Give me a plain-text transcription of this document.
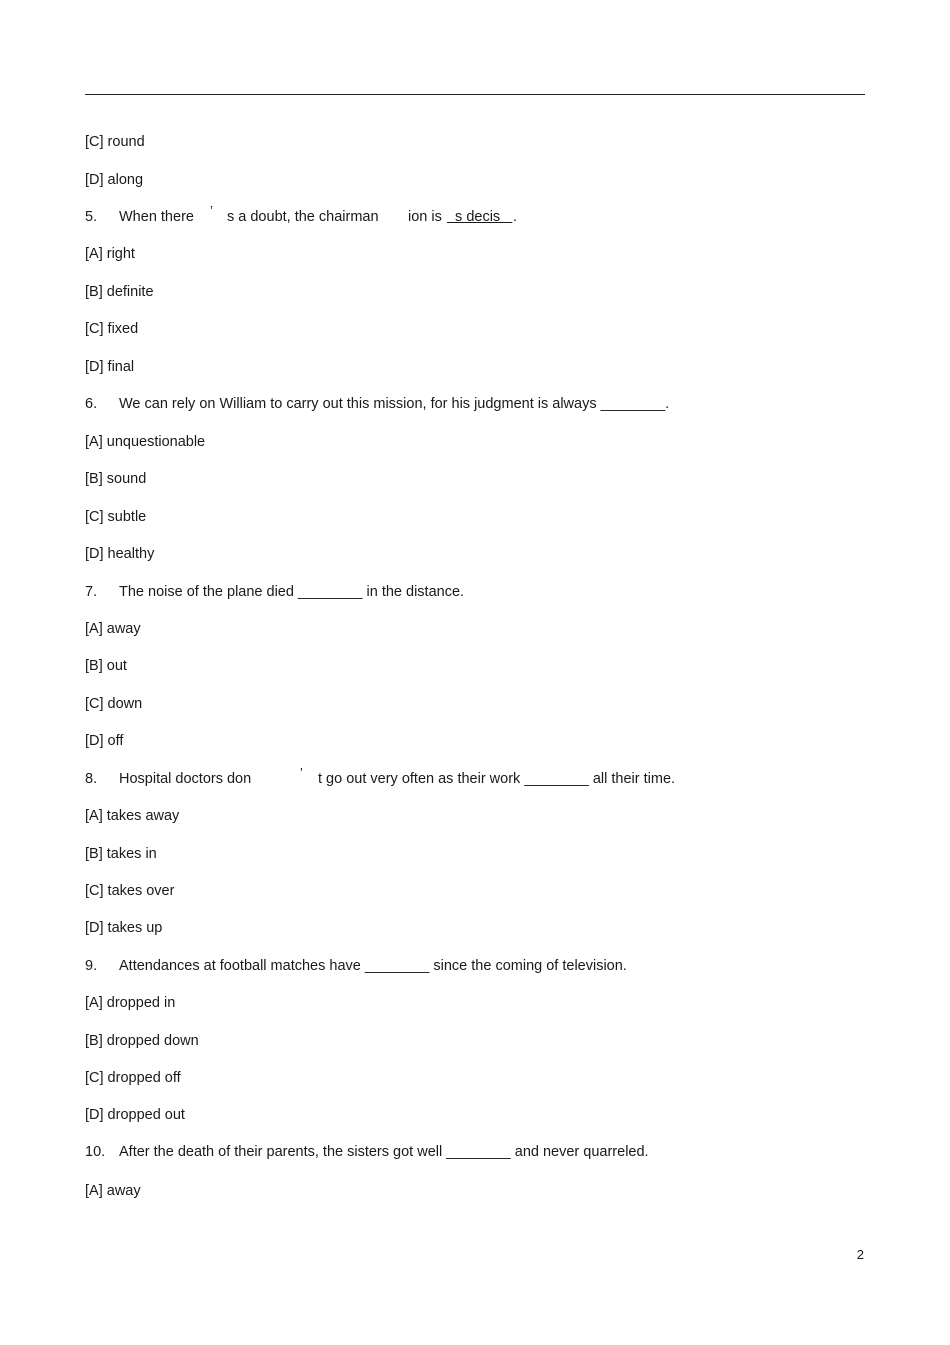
[C] round
[D] along
5. When there ’ s a doubt, the chairman ion is s decis .
[A] right
[B] definite
[C] fixed
[D] final
6. We can rely on William to carry out this mission, for his judgment is always ________.
[A] unquestionable
[B] sound
[C] subtle
[D] healthy
7. The noise of the plane died ________ in the distance.
[A] away
[B] out
[C] down
[D] off
8. Hospital doctors don	’ t go out very often as their work ________ all their time.
[A] takes away
[B] takes in
[C] takes over
[D] takes up
9. Attendances at football matches have ________ since the coming of television.
[A] dropped in
[B] dropped down
[C] dropped off
[D] dropped out
10. After the death of their parents, the sisters got well ________ and never quarreled.
[A] away
2
